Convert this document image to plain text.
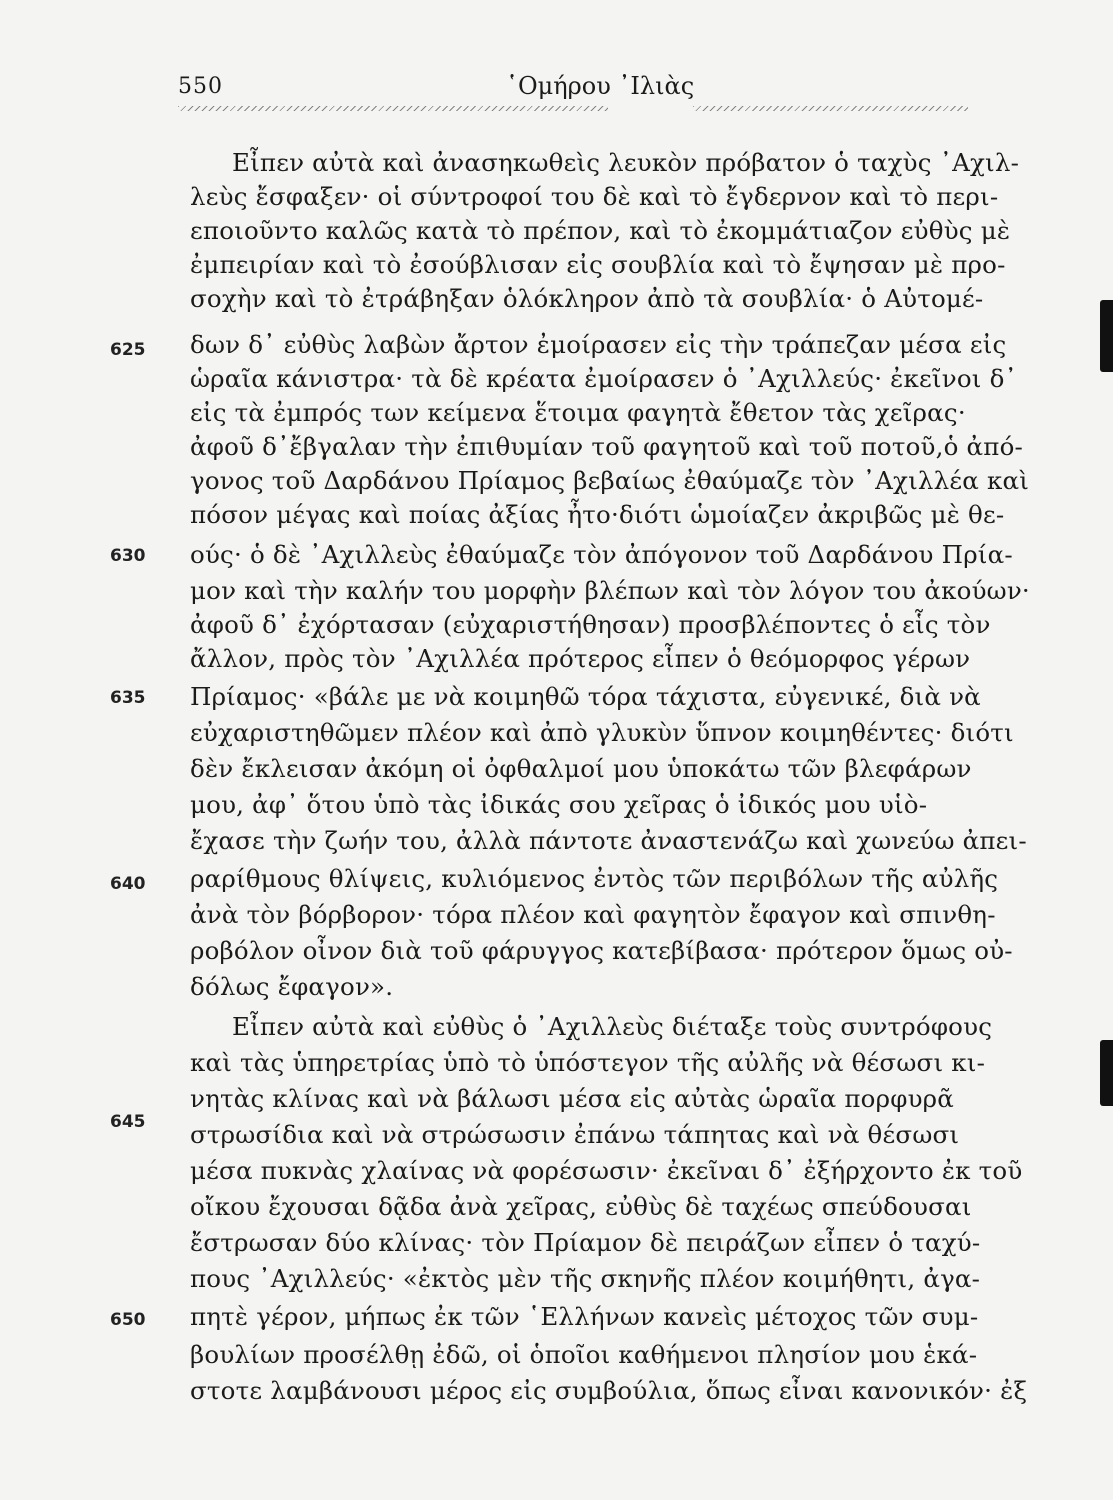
550	῾Ομήρου ᾽Ιλιὰς
Εἶπεν αὐτὰ καὶ ἀνασηκωθεὶς λευκὸν πρόβατον ὁ ταχὺς ᾽Αχιλ-
λεὺς ἔσφαξεν· οἱ σύντροφοί του δὲ καὶ τὸ ἔγδερνον καὶ τὸ περι-
εποιοῦντο καλῶς κατὰ τὸ πρέπον, καὶ τὸ ἐκομμάτιαζον εὐθὺς μὲ
ἐμπειρίαν καὶ τὸ ἐσούβλισαν εἰς σουβλία καὶ τὸ ἔψησαν μὲ προ-
σοχὴν καὶ τὸ ἐτράβηξαν ὁλόκληρον ἀπὸ τὰ σουβλία· ὁ Αὐτομέ-
δων δ᾽ εὐθὺς λαβὼν ἄρτον ἐμοίρασεν εἰς τὴν τράπεζαν μέσα εἰς
ὡραῖα κάνιστρα· τὰ δὲ κρέατα ἐμοίρασεν ὁ ᾽Αχιλλεύς· ἐκεῖνοι δ᾽
εἰς τὰ ἐμπρός των κείμενα ἕτοιμα φαγητὰ ἔθετον τὰς χεῖρας·
ἀφοῦ δ᾽ἔβγαλαν τὴν ἐπιθυμίαν τοῦ φαγητοῦ καὶ τοῦ ποτοῦ,ὁ ἀπό-
γονος τοῦ Δαρδάνου Πρίαμος βεβαίως ἐθαύμαζε τὸν ᾽Αχιλλέα καὶ
πόσον μέγας καὶ ποίας ἀξίας ἦτο·διότι ὡμοίαζεν ἀκριβῶς μὲ θε-
ούς· ὁ δὲ ᾽Αχιλλεὺς ἐθαύμαζε τὸν ἀπόγονον τοῦ Δαρδάνου Πρία-
μον καὶ τὴν καλήν του μορφὴν βλέπων καὶ τὸν λόγον του ἀκούων·
ἀφοῦ δ᾽ ἐχόρτασαν (εὐχαριστήθησαν) προσβλέποντες ὁ εἷς τὸν
ἄλλον, πρὸς τὸν ᾽Αχιλλέα πρότερος εἶπεν ὁ θεόμορφος γέρων
Πρίαμος· «βάλε με νὰ κοιμηθῶ τόρα τάχιστα, εὐγενικέ, διὰ νὰ
εὐχαριστηθῶμεν πλέον καὶ ἀπὸ γλυκὺν ὕπνον κοιμηθέντες· διότι
δὲν ἔκλεισαν ἀκόμη οἱ ὀφθαλμοί μου ὑποκάτω τῶν βλεφάρων
μου, ἀφ᾽ ὅτου ὑπὸ τὰς ἰδικάς σου χεῖρας ὁ ἰδικός μου υἱὸ-
ἔχασε τὴν ζωήν του, ἀλλὰ πάντοτε ἀναστενάζω καὶ χωνεύω ἀπει-
ραρίθμους θλίψεις, κυλιόμενος ἐντὸς τῶν περιβόλων τῆς αὐλῆς
ἀνὰ τὸν βόρβορον· τόρα πλέον καὶ φαγητὸν ἔφαγον καὶ σπινθη-
ροβόλον οἶνον διὰ τοῦ φάρυγγος κατεβίβασα· πρότερον ὅμως οὐ-
δόλως ἔφαγον».
Εἶπεν αὐτὰ καὶ εὐθὺς ὁ ᾽Αχιλλεὺς διέταξε τοὺς συντρόφους
καὶ τὰς ὑπηρετρίας ὑπὸ τὸ ὑπόστεγον τῆς αὐλῆς νὰ θέσωσι κι-
νητὰς κλίνας καὶ νὰ βάλωσι μέσα εἰς αὐτὰς ὡραῖα πορφυρᾶ
στρωσίδια καὶ νὰ στρώσωσιν ἐπάνω τάπητας καὶ νὰ θέσωσι
μέσα πυκνὰς χλαίνας νὰ φορέσωσιν· ἐκεῖναι δ᾽ ἐξήρχοντο ἐκ τοῦ
οἴκου ἔχουσαι δᾷδα ἀνὰ χεῖρας, εὐθὺς δὲ ταχέως σπεύδουσαι
ἔστρωσαν δύο κλίνας· τὸν Πρίαμον δὲ πειράζων εἶπεν ὁ ταχύ-
πους ᾽Αχιλλεύς· «ἐκτὸς μὲν τῆς σκηνῆς πλέον κοιμήθητι, ἀγα-
πητὲ γέρον, μήπως ἐκ τῶν ῾Ελλήνων κανεὶς μέτοχος τῶν συμ-
βουλίων προσέλθῃ ἐδῶ, οἱ ὁποῖοι καθήμενοι πλησίον μου ἑκά-
στοτε λαμβάνουσι μέρος εἰς συμβούλια, ὅπως εἶναι κανονικόν· ἐξ
625
630
635
640
645
650
